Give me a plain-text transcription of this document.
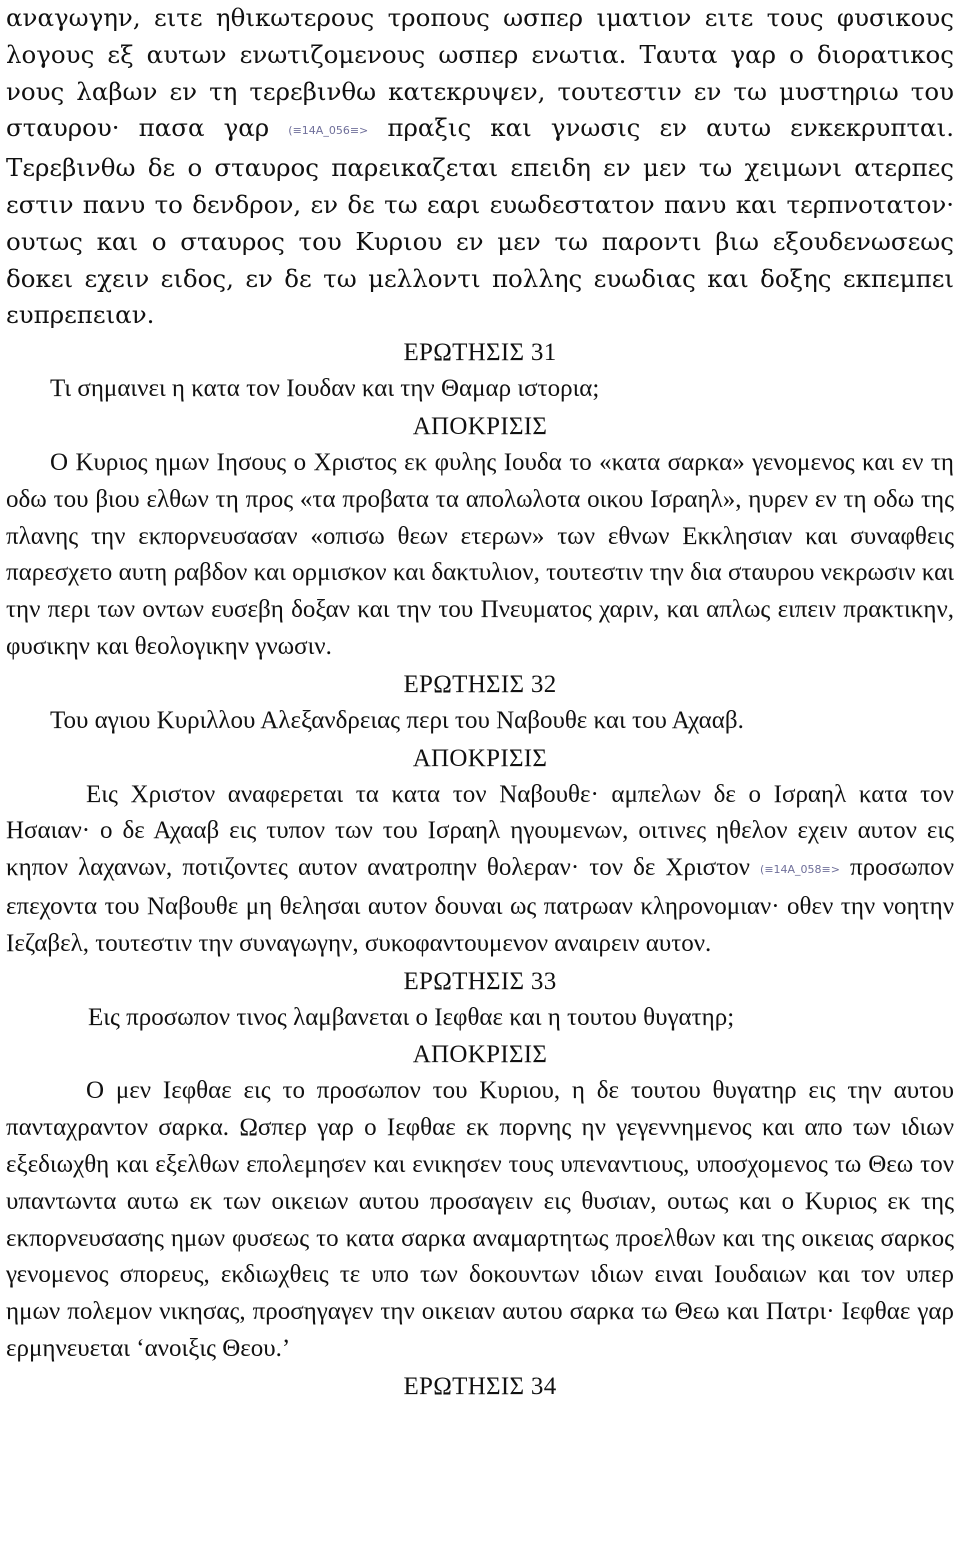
αναγωγην, ειτε ηθικωτερους τροπους ωσπερ ιματιον ειτε τους φυσικους λογους εξ αυτων ενωτιζομενους ωσπερ ενωτια. Ταυτα γαρ ο διορατικος νους λαβων εν τη τερεβινθω κατεκρυψεν, τουτεστιν εν τω μυστηριω του σταυρου· πασα γαρ (≡14A_056≡> πραξις και γνωσις εν αυτω ενκεκρυπται. Τερεβινθω δε ο σταυρος παρεικαζεται επειδη εν μεν τω χειμωνι ατερπες εστιν πανυ το δενδρον, εν δε τω εαρι ευωδεστατον πανυ και τερπνοτατον· ουτως και ο σταυρος του Κυριου εν μεν τω παροντι βιω εξουδενωσεως δοκει εχειν ειδος, εν δε τω μελλοντι πολλης ευωδιας και δοξης εκπεμπει ευπρεπειαν.

ΕΡΩΤΗΣΙΣ 31
Τι σημαινει η κατα τον Ιουδαν και την Θαμαρ ιστορια;
ΑΠΟΚΡΙΣΙΣ

Ο Κυριος ημων Ιησους ο Χριστος εκ φυλης Ιουδα το «κατα σαρκα» γενομενος και εν τη οδω του βιου ελθων τη προς «τα προβατα τα απολωλοτα οικου Ισραηλ», ηυρεν εν τη οδω της πλανης την εκπορνευσασαν «οπισω θεων ετερων» των εθνων Εκκλησιαν και συναφθεις παρεσχετο αυτη ραβδον και ορμισκον και δακτυλιον, τουτεστιν την δια σταυρου νεκρωσιν και την περι των οντων ευσεβη δοξαν και την του Πνευματος χαριν, και απλως ειπειν πρακτικην, φυσικην και θεολογικην γνωσιν.

ΕΡΩΤΗΣΙΣ 32
Του αγιου Κυριλλου Αλεξανδρειας περι του Ναβουθε και του Αχααβ.
ΑΠΟΚΡΙΣΙΣ

Εις Χριστον αναφερεται τα κατα τον Ναβουθε· αμπελων δε ο Ισραηλ κατα τον Ησαιαν· ο δε Αχααβ εις τυπον των του Ισραηλ ηγουμενων, οιτινες ηθελον εχειν αυτον εις κηπον λαχανων, ποτιζοντες αυτον ανατροπην θολεραν· τον δε Χριστον (≡14A_058≡> προσωπον επεχοντα του Ναβουθε μη θελησαι αυτον δουναι ως πατρωαν κληρονομιαν· οθεν την νοητην Ιεζαβελ, τουτεστιν την συναγωγην, συκοφαντουμενον αναιρειν αυτον.

ΕΡΩΤΗΣΙΣ 33
Εις προσωπον τινος λαμβανεται ο Ιεφθαε και η τουτου θυγατηρ;
ΑΠΟΚΡΙΣΙΣ

Ο μεν Ιεφθαε εις το προσωπον του Κυριου, η δε τουτου θυγατηρ εις την αυτου πανταχραντον σαρκα. Ωσπερ γαρ ο Ιεφθαε εκ πορνης ην γεγεννημενος και απο των ιδιων εξεδιωχθη και εξελθων επολεμησεν και ενικησεν τους υπεναντιους, υποσχομενος τω Θεω τον υπαντωντα αυτω εκ των οικειων αυτου προσαγειν εις θυσιαν, ουτως και ο Κυριος εκ της εκπορνευσασης ημων φυσεως το κατα σαρκα αναμαρτητως προελθων και της οικειας σαρκος γενομενος σπορευς, εκδιωχθεις τε υπο των δοκουντων ιδιων ειναι Ιουδαιων και τον υπερ ημων πολεμον νικησας, προσηγαγεν την οικειαν αυτου σαρκα τω Θεω και Πατρι· Ιεφθαε γαρ ερμηνευεται ‘ανοιξις Θεου.’

ΕΡΩΤΗΣΙΣ 34
